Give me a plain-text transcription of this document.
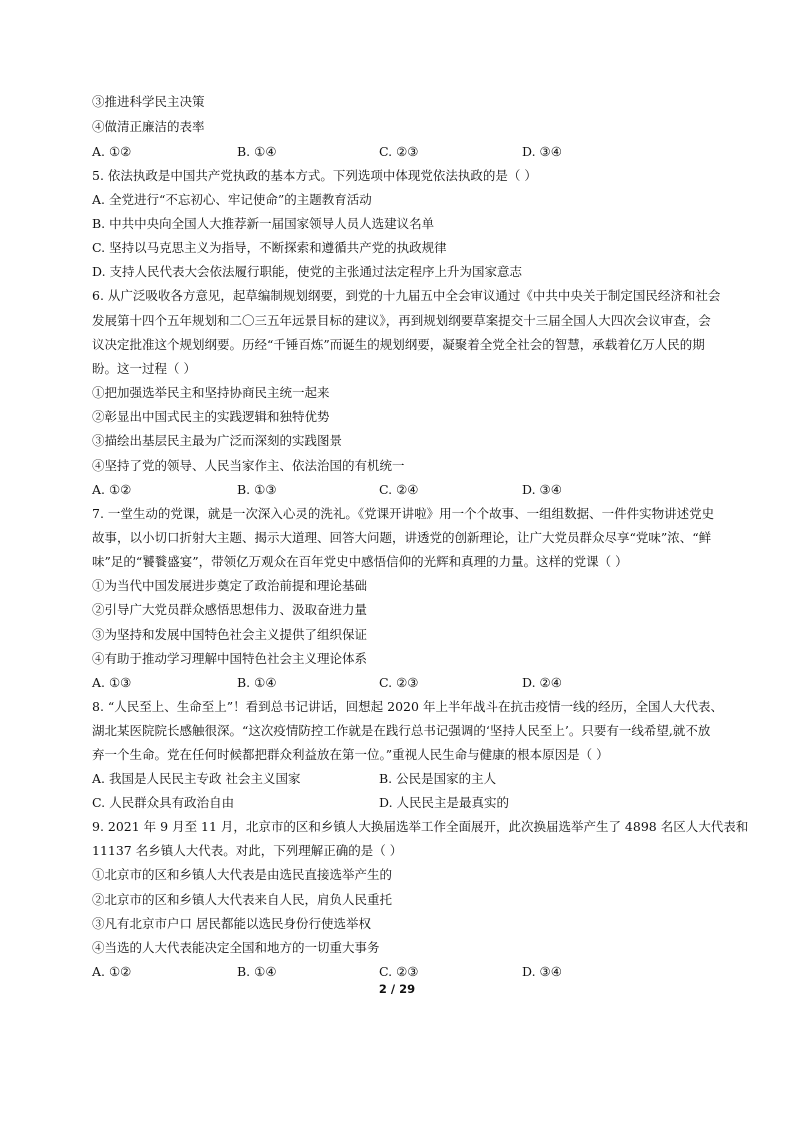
③推进科学民主决策
④做清正廉洁的表率
A. ①②	B. ①④	C. ②③	D. ③④
5. 依法执政是中国共产党执政的基本方式。下列选项中体现党依法执政的是（ ）
A. 全党进行“不忘初心、牢记使命”的主题教育活动
B. 中共中央向全国人大推荐新一届国家领导人员人选建议名单
C. 坚持以马克思主义为指导，不断探索和遵循共产党的执政规律
D. 支持人民代表大会依法履行职能，使党的主张通过法定程序上升为国家意志
6. 从广泛吸收各方意见，起草编制规划纲要，到党的十九届五中全会审议通过《中共中央关于制定国民经济和社会
发展第十四个五年规划和二〇三五年远景目标的建议》，再到规划纲要草案提交十三届全国人大四次会议审查，会
议决定批准这个规划纲要。历经“千锤百炼”而诞生的规划纲要，凝聚着全党全社会的智慧，承载着亿万人民的期
盼。这一过程（ ）
①把加强选举民主和坚持协商民主统一起来
②彰显出中国式民主的实践逻辑和独特优势
③描绘出基层民主最为广泛而深刻的实践图景
④坚持了党的领导、人民当家作主、依法治国的有机统一
A. ①②	B. ①③	C. ②④	D. ③④
7. 一堂生动的党课，就是一次深入心灵的洗礼。《党课开讲啦》用一个个故事、一组组数据、一件件实物讲述党史
故事，以小切口折射大主题、揭示大道理、回答大问题，讲透党的创新理论，让广大党员群众尽享“党味”浓、“鲜
味”足的“饕餮盛宴”，带领亿万观众在百年党史中感悟信仰的光辉和真理的力量。这样的党课（ ）
①为当代中国发展进步奠定了政治前提和理论基础
②引导广大党员群众感悟思想伟力、汲取奋进力量
③为坚持和发展中国特色社会主义提供了组织保证
④有助于推动学习理解中国特色社会主义理论体系
A. ①③	B. ①④	C. ②③	D. ②④
8. “人民至上、生命至上”！看到总书记讲话，回想起 2020 年上半年战斗在抗击疫情一线的经历，全国人大代表、
湖北某医院院长感触很深。“这次疫情防控工作就是在践行总书记强调的‘坚持人民至上’。只要有一线希望,就不放
弃一个生命。党在任何时候都把群众利益放在第一位。”重视人民生命与健康的根本原因是（ ）
A. 我国是人民民主专政 社会主义国家	B. 公民是国家的主人
C. 人民群众具有政治自由	D. 人民民主是最真实的
9. 2021 年 9 月至 11 月，北京市的区和乡镇人大换届选举工作全面展开，此次换届选举产生了 4898 名区人大代表和
11137 名乡镇人大代表。对此，下列理解正确的是（ ）
①北京市的区和乡镇人大代表是由选民直接选举产生的
②北京市的区和乡镇人大代表来自人民，肩负人民重托
③凡有北京市户口 居民都能以选民身份行使选举权
④当选的人大代表能决定全国和地方的一切重大事务
A. ①②	B. ①④	C. ②③	D. ③④
2 / 29
